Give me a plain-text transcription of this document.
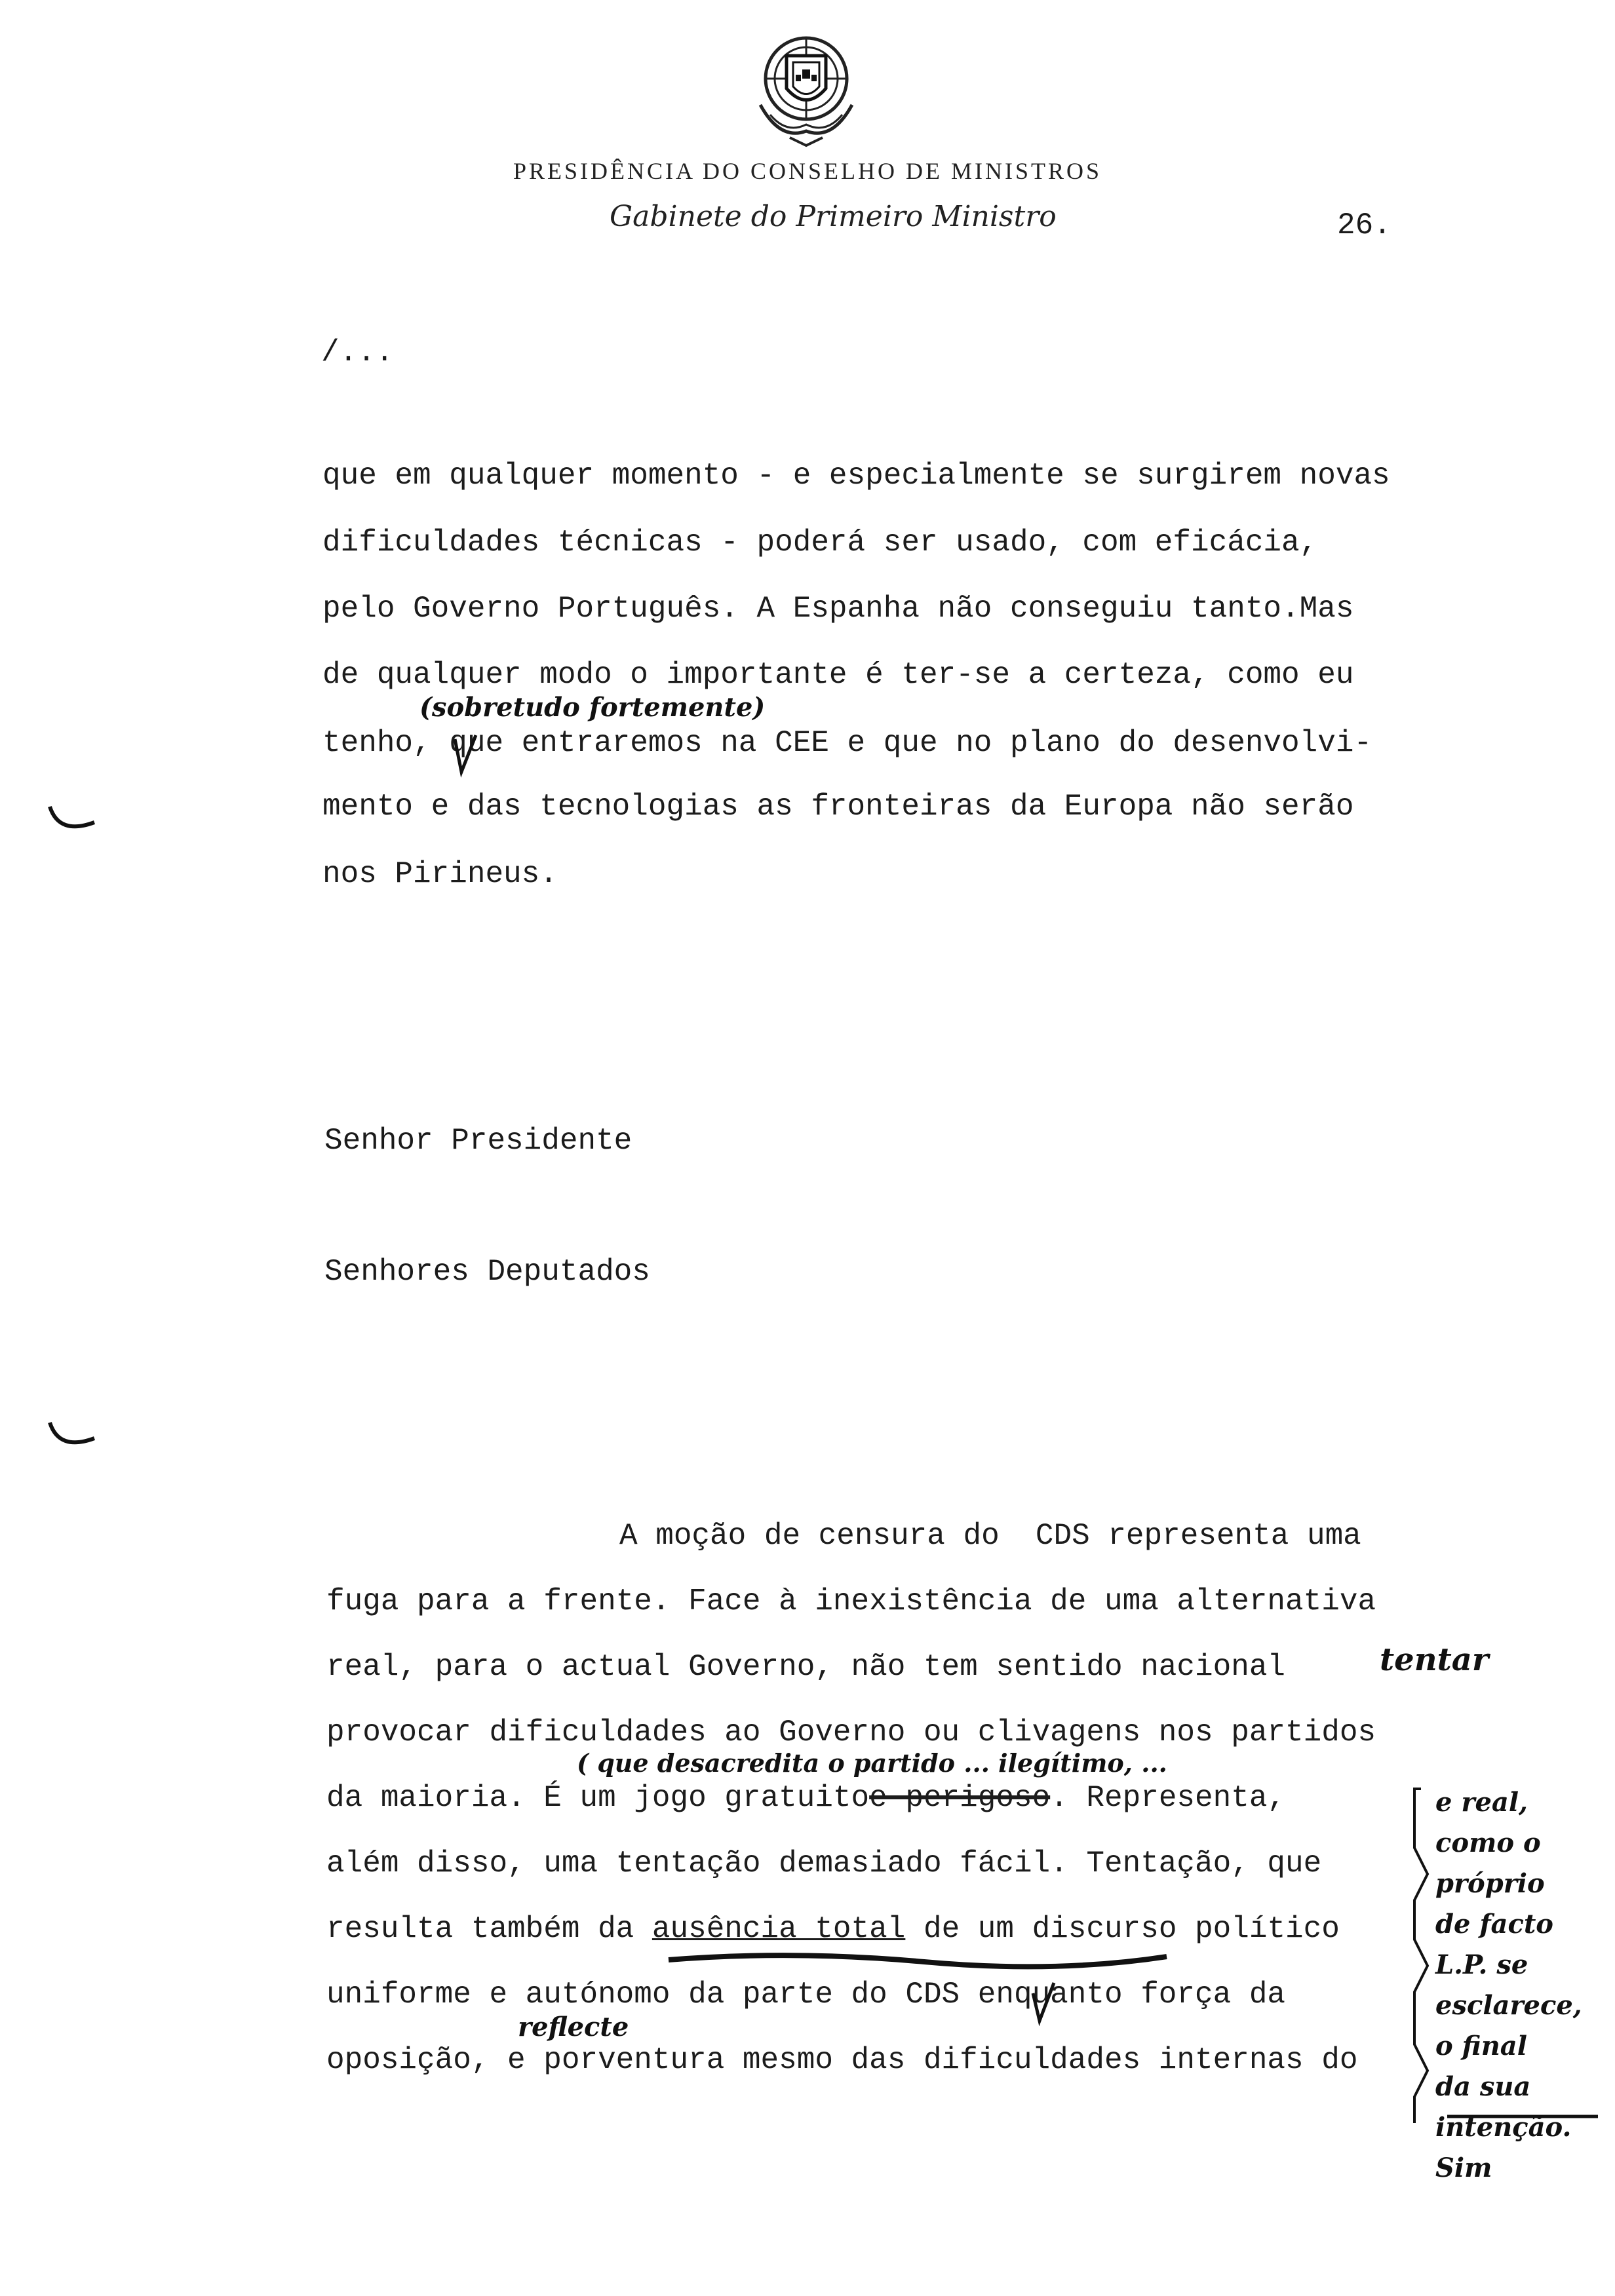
PRESIDÊNCIA DO CONSELHO DE MINISTROS
Gabinete do Primeiro Ministro	26.
/...
que em qualquer momento - e especialmente se surgirem novas
dificuldades técnicas - poderá ser usado, com eficácia,
pelo Governo Português. A Espanha não conseguiu tanto.Mas
de qualquer modo o importante é ter-se a certeza, como eu
(sobretudo fortemente)
tenho, que entraremos na CEE e que no plano do desenvolvi-
mento e das tecnologias as fronteiras da Europa não serão
nos Pirineus.
Senhor Presidente
Senhores Deputados
A moção de censura do  CDS representa uma
fuga para a frente. Face à inexistência de uma alternativa
real, para o actual Governo, não tem sentido nacional	tentar
provocar dificuldades ao Governo ou clivagens nos partidos
( que desacredita o partido ... ilegítimo, ...
da maioria. É um jogo gratuitoe perigoso. Representa,
além disso, uma tentação demasiado fácil. Tentação, que
resulta também da ausência total de um discurso político
uniforme e autónomo da parte do CDS enquanto força da
reflecte
oposição, e porventura mesmo das dificuldades internas do
e real,
como o
próprio
de facto
L.P. se
esclarece,
o final
da sua
intenção.
Sim
